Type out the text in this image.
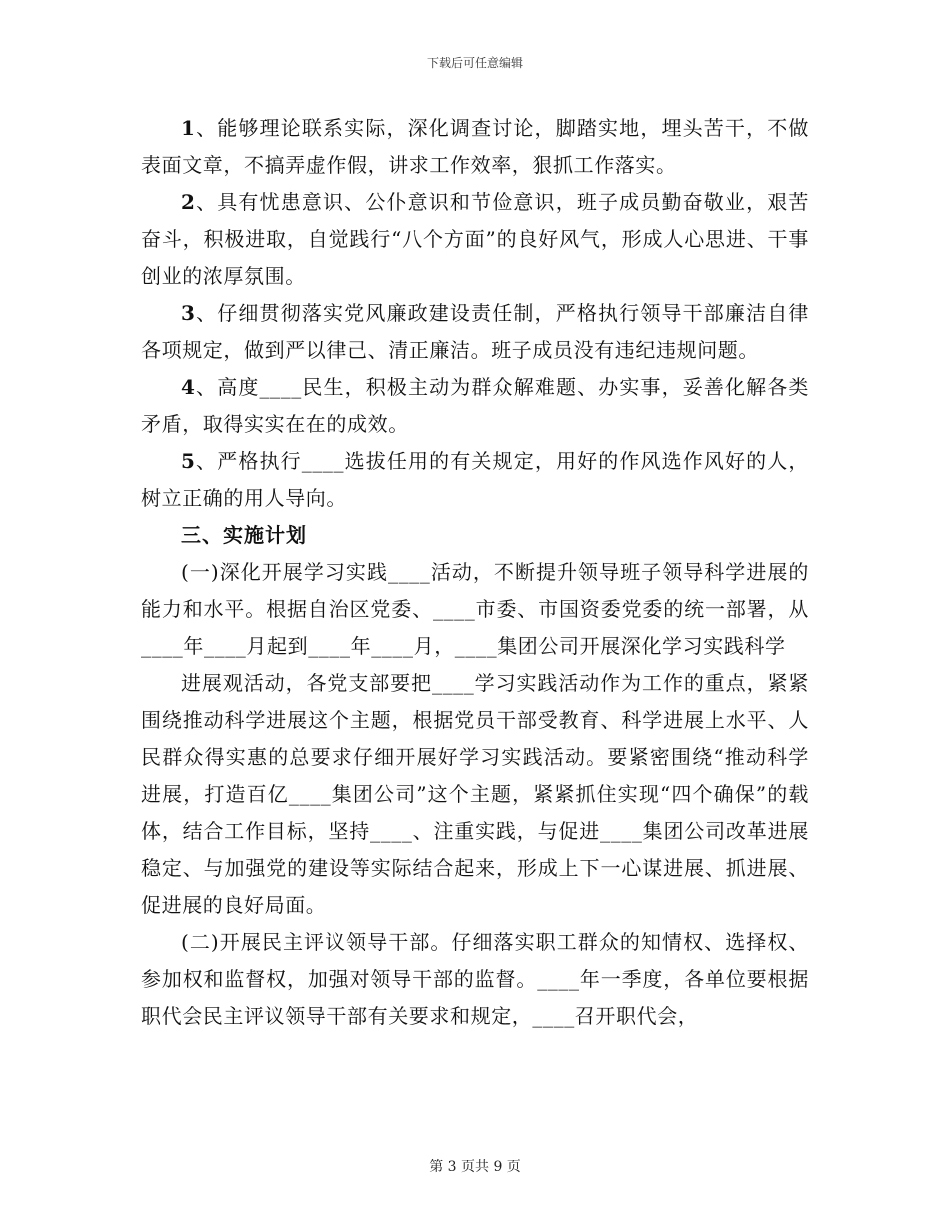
下载后可任意编辑

1、能够理论联系实际，深化调查讨论，脚踏实地，埋头苦干，不做表面文章，不搞弄虚作假，讲求工作效率，狠抓工作落实。

2、具有忧患意识、公仆意识和节俭意识，班子成员勤奋敬业，艰苦奋斗，积极进取，自觉践行“八个方面”的良好风气，形成人心思进、干事创业的浓厚氛围。

3、仔细贯彻落实党风廉政建设责任制，严格执行领导干部廉洁自律各项规定，做到严以律己、清正廉洁。班子成员没有违纪违规问题。

4、高度____民生，积极主动为群众解难题、办实事，妥善化解各类矛盾，取得实实在在的成效。

5、严格执行____选拔任用的有关规定，用好的作风选作风好的人，树立正确的用人导向。

三、实施计划

(一)深化开展学习实践____活动，不断提升领导班子领导科学进展的能力和水平。根据自治区党委、____市委、市国资委党委的统一部署，从____年____月起到____年____月，____集团公司开展深化学习实践科学

进展观活动，各党支部要把____学习实践活动作为工作的重点，紧紧围绕推动科学进展这个主题，根据党员干部受教育、科学进展上水平、人民群众得实惠的总要求仔细开展好学习实践活动。要紧密围绕“推动科学进展，打造百亿____集团公司”这个主题，紧紧抓住实现“四个确保”的载体，结合工作目标，坚持____、注重实践，与促进____集团公司改革进展稳定、与加强党的建设等实际结合起来，形成上下一心谋进展、抓进展、促进展的良好局面。

(二)开展民主评议领导干部。仔细落实职工群众的知情权、选择权、参加权和监督权，加强对领导干部的监督。____年一季度，各单位要根据职代会民主评议领导干部有关要求和规定，____召开职代会，

第 3 页共 9 页
